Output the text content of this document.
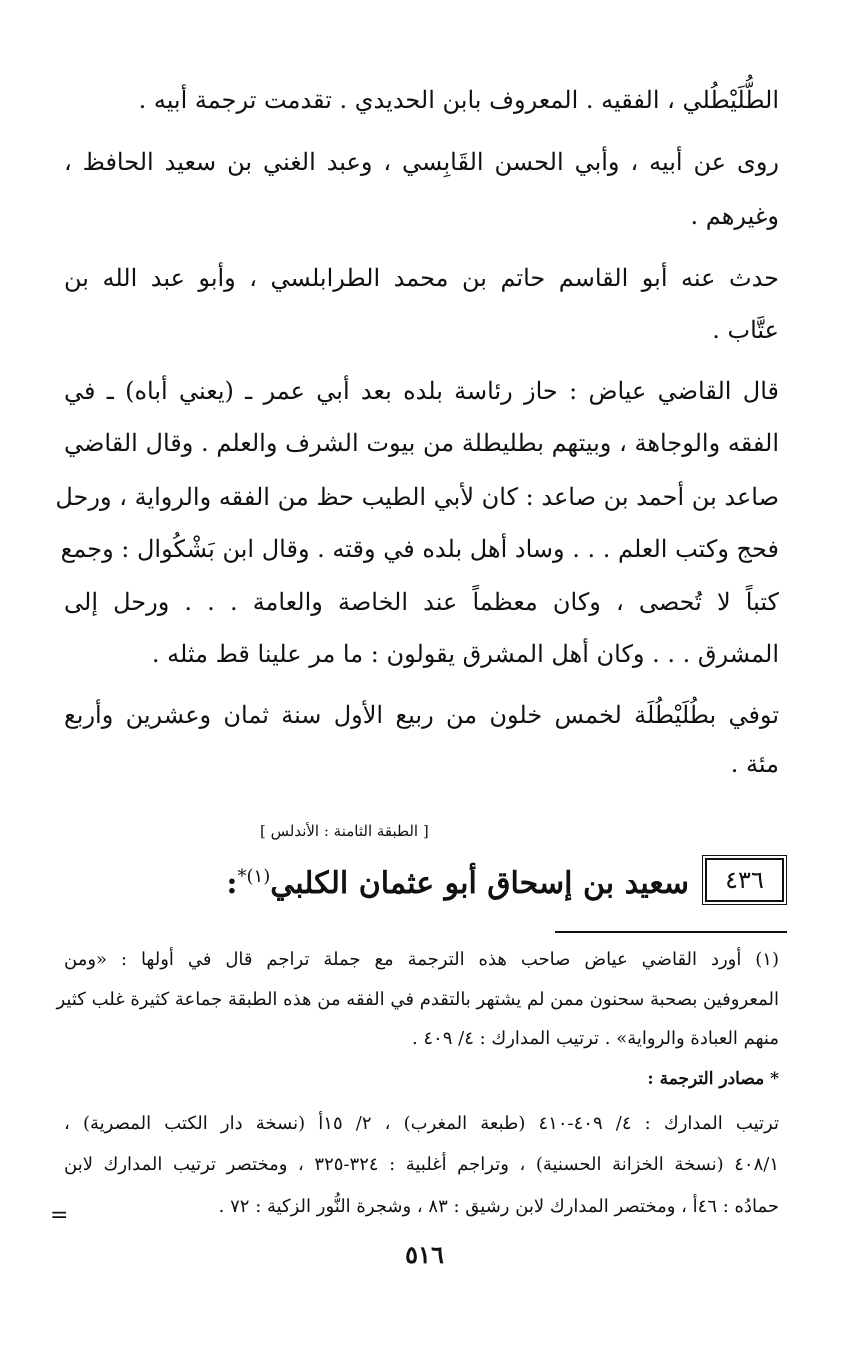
الطُّلَيْطُلي ، الفقيه . المعروف بابن الحديدي . تقدمت ترجمة أبيه .
روى عن أبيه ، وأبي الحسن القَابِسي ، وعبد الغني بن سعيد الحافظ ،
وغيرهم .
حدث عنه أبو القاسم حاتم بن محمد الطرابلسي ، وأبو عبد الله بن
عتَّاب .
قال القاضي عياض : حاز رئاسة بلده بعد أبي عمر ـ (يعني أباه) ـ في
الفقه والوجاهة ، وبيتهم بطليطلة من بيوت الشرف والعلم . وقال القاضي
صاعد بن أحمد بن صاعد : كان لأبي الطيب حظ من الفقه والرواية ، ورحل
فحج وكتب العلم . . . وساد أهل بلده في وقته . وقال ابن بَشْكُوال : وجمع
كتباً لا تُحصى ، وكان معظماً عند الخاصة والعامة . . . ورحل إلى
المشرق . . . وكان أهل المشرق يقولون : ما مر علينا قط مثله .
توفي بطُلَيْطُلَة لخمس خلون من ربيع الأول سنة ثمان وعشرين وأربع
مئة .
[ الطبقة الثامنة : الأندلس ]
٤٣٦
سعيد بن إسحاق أبو عثمان الكلبي$^{(١)*}$:
(١) أورد القاضي عياض صاحب هذه الترجمة مع جملة تراجم قال في أولها : «ومن
المعروفين بصحبة سحنون ممن لم يشتهر بالتقدم في الفقه من هذه الطبقة جماعة كثيرة غلب كثير
منهم العبادة والرواية» . ترتيب المدارك : ٤/ ٤٠٩ .
* مصادر الترجمة :
ترتيب المدارك : ٤/ ٤٠٩-٤١٠ (طبعة المغرب) ، ٢/ ١٥أ (نسخة دار الكتب المصرية) ،
٤٠٨/١ (نسخة الخزانة الحسنية) ، وتراجم أغلبية : ٣٢٤-٣٢٥ ، ومختصر ترتيب المدارك لابن
حمادُه : ٤٦أ ، ومختصر المدارك لابن رشيق : ٨٣ ، وشجرة النُّور الزكية : ٧٢ .
=
٥١٦
